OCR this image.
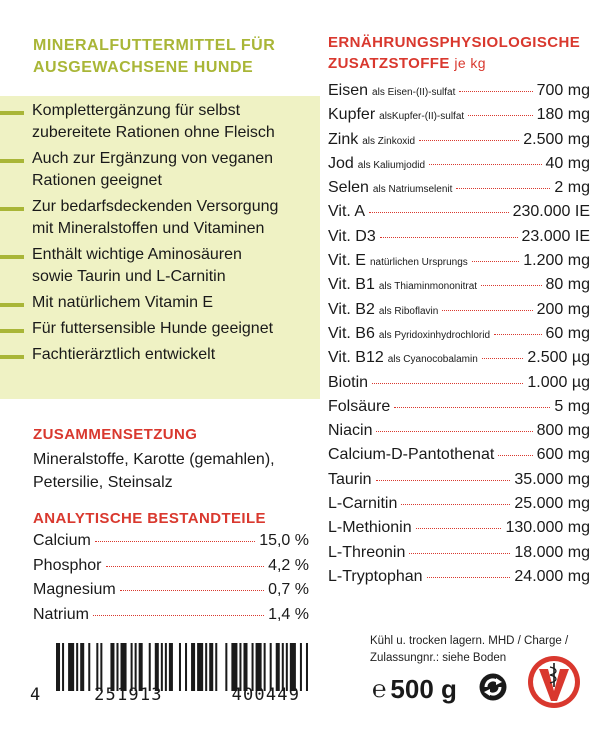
MINERALFUTTERMITTEL FÜR
AUSGEWACHSENE HUNDE
Komplettergänzung für selbst
zubereitete Rationen ohne Fleisch
Auch zur Ergänzung von veganen
Rationen geeignet
Zur bedarfsdeckenden Versorgung
mit Mineralstoffen und Vitaminen
Enthält wichtige Aminosäuren
sowie Taurin und L-Carnitin
Mit natürlichem Vitamin E
Für futtersensible Hunde geeignet
Fachtierärztlich entwickelt
ZUSAMMENSETZUNG
Mineralstoffe, Karotte (gemahlen),
Petersilie, Steinsalz
ANALYTISCHE BESTANDTEILE
Calcium	15,0 %
Phosphor	4,2 %
Magnesium	0,7 %
Natrium	1,4 %
ERNÄHRUNGSPHYSIOLOGISCHE
ZUSATZSTOFFE je kg
Eisen als Eisen-(II)-sulfat	700 mg
Kupfer alsKupfer-(II)-sulfat	180 mg
Zink als Zinkoxid	2.500 mg
Jod als Kaliumjodid	40 mg
Selen als Natriumselenit	2 mg
Vit. A	230.000 IE
Vit. D3	23.000 IE
Vit. E natürlichen Ursprungs	1.200 mg
Vit. B1 als Thiaminmononitrat	80 mg
Vit. B2 als Riboflavin	200 mg
Vit. B6 als Pyridoxinhydrochlorid	60 mg
Vit. B12 als Cyanocobalamin	2.500 µg
Biotin	1.000 µg
Folsäure	5 mg
Niacin	800 mg
Calcium-D-Pantothenat	600 mg
Taurin	35.000 mg
L-Carnitin	25.000 mg
L-Methionin	130.000 mg
L-Threonin	18.000 mg
L-Tryptophan	24.000 mg
Kühl u. trocken lagern. MHD / Charge /
Zulassungnr.: siehe Boden
4	251913	400449	℮ 500 g
